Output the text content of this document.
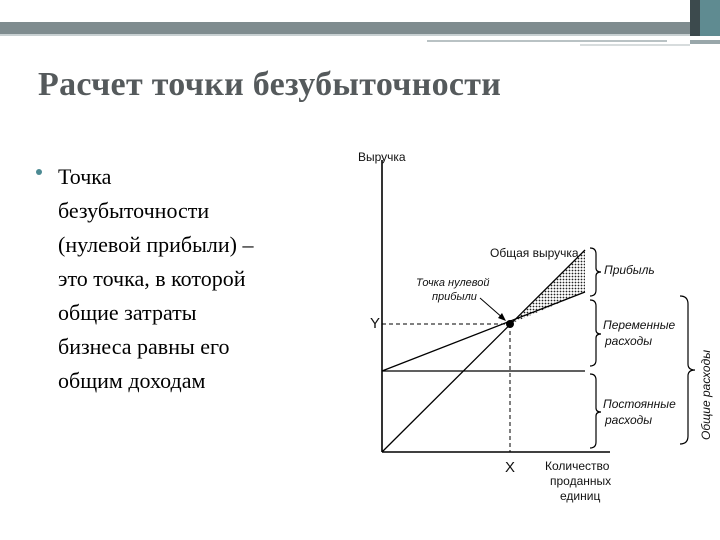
Расчет точки безубыточности
Точка
безубыточности
(нулевой прибыли) –
это точка, в которой
общие затраты
бизнеса равны его
общим доходам
Выручка
Y
X Количество
проданных
единиц
Общая выручка
Точка нулевой
прибыли
Прибыль
Переменные
расходы
Постоянные
расходы	Общие расходы
